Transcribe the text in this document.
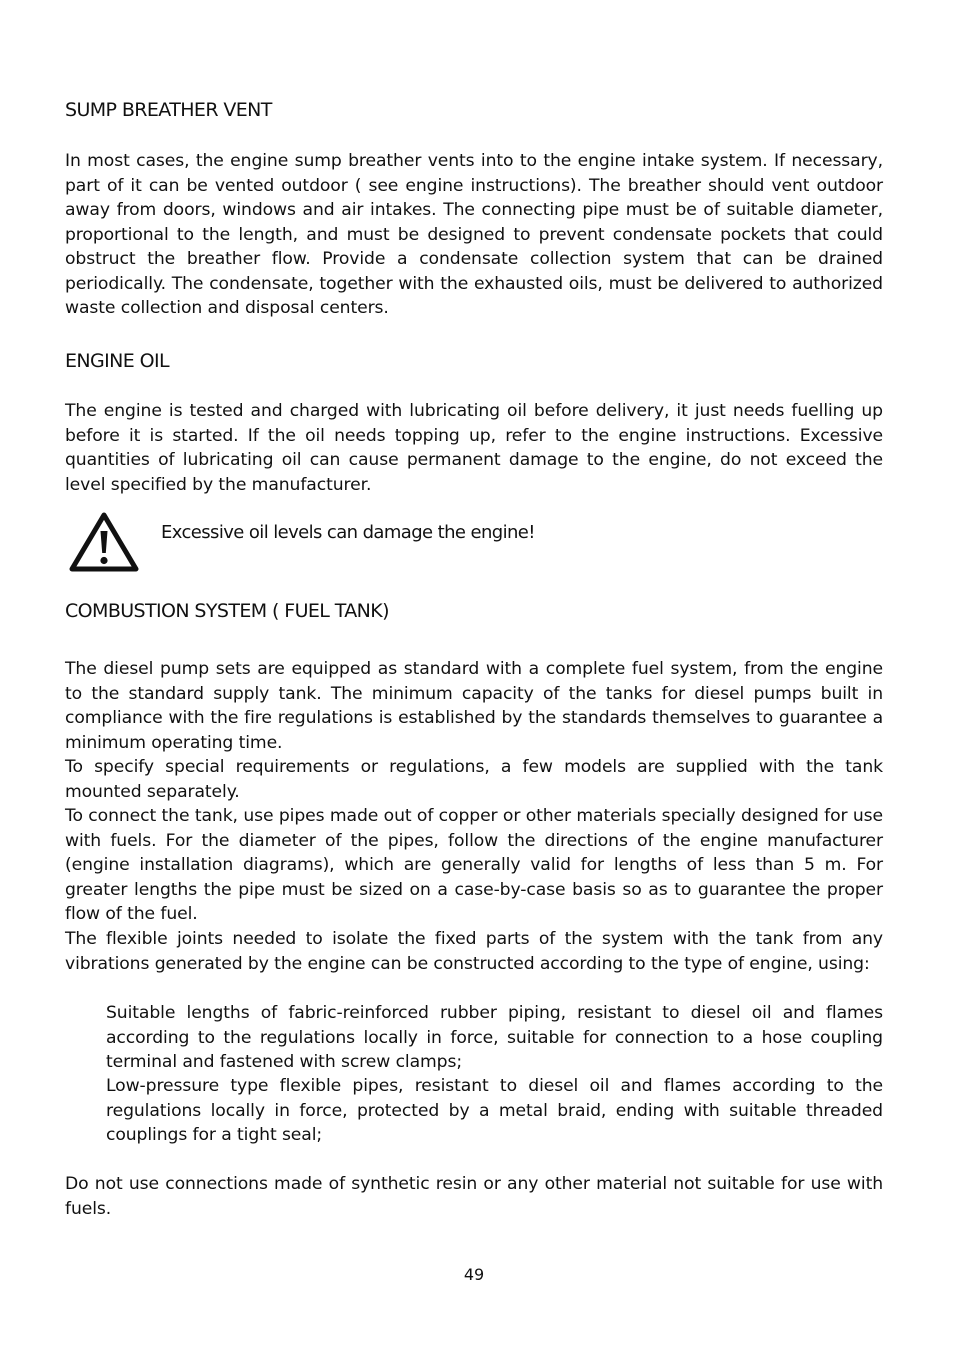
SUMP BREATHER VENT

In most cases, the engine sump breather vents into to the engine intake system. If necessary, part of it can be vented outdoor ( see engine instructions). The breather should vent outdoor away from doors, windows and air intakes. The connecting pipe must be of suitable diameter, proportional to the length, and must be designed to prevent condensate pockets that could obstruct the breather flow. Provide a condensate collection system that can be drained periodically. The condensate, together with the exhausted oils, must be delivered to authorized waste collection and disposal centers.

ENGINE OIL

The engine is tested and charged with lubricating oil before delivery, it just needs fuelling up before it is started. If the oil needs topping up, refer to the engine instructions. Excessive quantities of lubricating oil can cause permanent damage to the engine, do not exceed the level specified by the manufacturer.

Excessive oil levels can damage the engine!

COMBUSTION SYSTEM ( FUEL TANK)

The diesel pump sets are equipped as standard with a complete fuel system, from the engine to the standard supply tank. The minimum capacity of the tanks for diesel pumps built in compliance with the fire regulations is established by the standards themselves to guarantee a minimum operating time.

To specify special requirements or regulations, a few models are supplied with the tank mounted separately.

To connect the tank, use pipes made out of copper or other materials specially designed for use with fuels. For the diameter of the pipes, follow the directions of the engine manufacturer (engine installation diagrams), which are generally valid for lengths of less than 5 m. For greater lengths the pipe must be sized on a case-by-case basis so as to guarantee the proper flow of the fuel.

The flexible joints needed to isolate the fixed parts of the system with the tank from any vibrations generated by the engine can be constructed according to the type of engine, using:

Suitable lengths of fabric-reinforced rubber piping, resistant to diesel oil and flames according to the regulations locally in force, suitable for connection to a hose coupling terminal and fastened with screw clamps;

Low-pressure type flexible pipes, resistant to diesel oil and flames according to the regulations locally in force, protected by a metal braid, ending with suitable threaded couplings for a tight seal;

Do not use connections made of synthetic resin or any other material not suitable for use with fuels.

49
